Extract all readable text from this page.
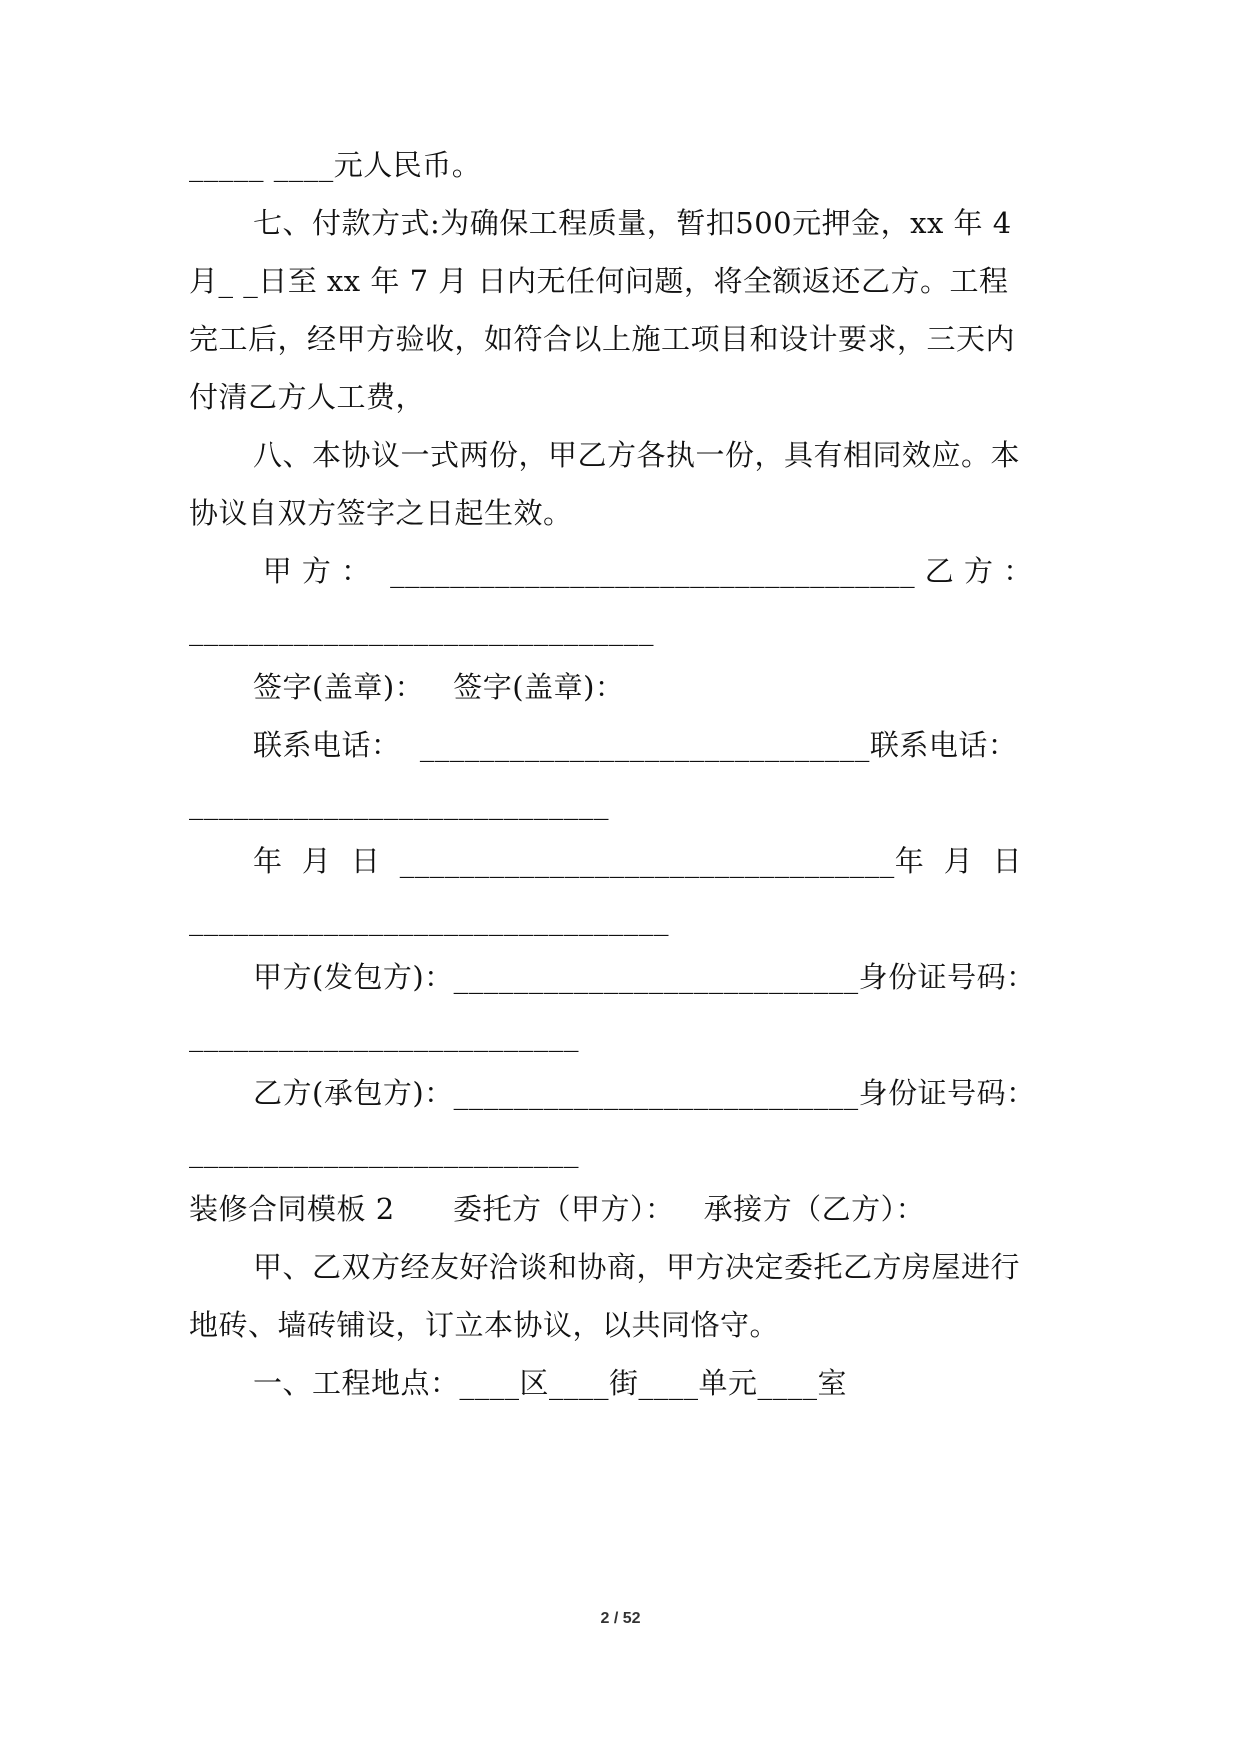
_____ ____元人民币。
七、付款方式:为确保工程质量，暂扣500元押金，xx 年 4
月_ _日至 xx 年 7 月 日内无任何问题，将全额返还乙方。工程
完工后，经甲方验收，如符合以上施工项目和设计要求，三天内
付清乙方人工费，
八、本协议一式两份，甲乙方各执一份，具有相同效应。本
协议自双方签字之日起生效。
甲 方 ：  ___________________________________ 乙 方 ：
_______________________________
签字(盖章)：   签字(盖章)：
联系电话：  ______________________________联系电话：
____________________________
年  月  日  _________________________________年  月  日
________________________________
甲方(发包方)：___________________________身份证号码：
__________________________
乙方(承包方)：___________________________身份证号码：
__________________________
装修合同模板 2      委托方（甲方）：   承接方（乙方）：
甲、乙双方经友好洽谈和协商，甲方决定委托乙方房屋进行
地砖、墙砖铺设，订立本协议，以共同恪守。
一、工程地点：____区____街____单元____室
2 / 52
